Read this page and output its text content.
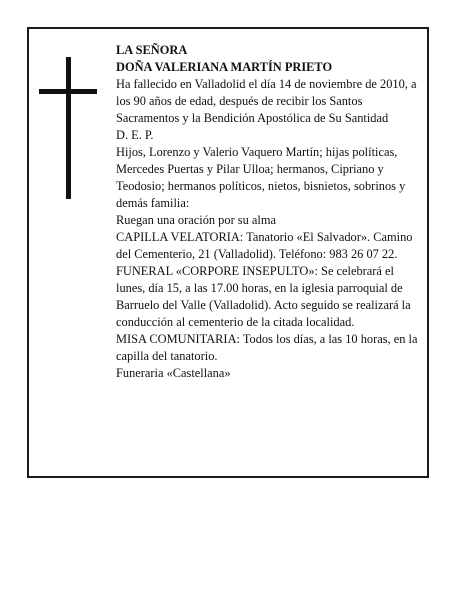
LA SEÑORA
DOÑA VALERIANA MARTÍN PRIETO
Ha fallecido en Valladolid el día 14 de noviembre de 2010, a los 90 años de edad, después de recibir los Santos Sacramentos y la Bendición Apostólica de Su Santidad
D. E. P.
Hijos, Lorenzo y Valerio Vaquero Martín; hijas políticas, Mercedes Puertas y Pilar Ulloa; hermanos, Cipriano y Teodosio; hermanos políticos, nietos, bisnietos, sobrinos y demás familia:
Ruegan una oración por su alma
CAPILLA VELATORIA: Tanatorio «El Salvador». Camino del Cementerio, 21 (Valladolid). Teléfono: 983 26 07 22.
FUNERAL «CORPORE INSEPULTO»: Se celebrará el lunes, día 15, a las 17.00 horas, en la iglesia parroquial de Barruelo del Valle (Valladolid). Acto seguido se realizará la conducción al cementerio de la citada localidad.
MISA COMUNITARIA: Todos los días, a las 10 horas, en la capilla del tanatorio.
Funeraria «Castellana»
